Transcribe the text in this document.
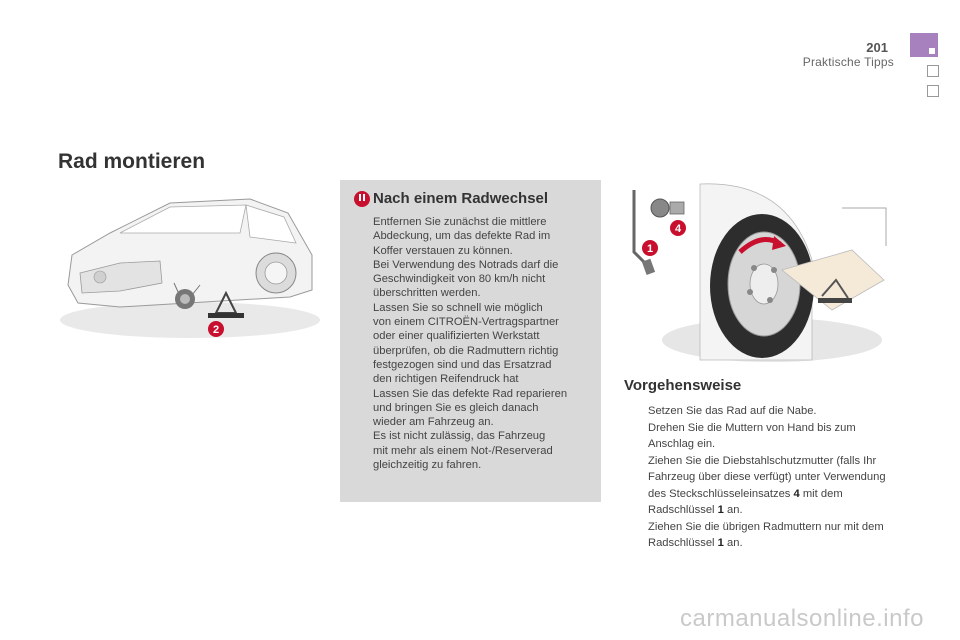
201
Praktische Tipps
Rad montieren
2
1
4
Nach einem Radwechsel

Entfernen Sie zunächst die mittlere
Abdeckung, um das defekte Rad im
Koffer verstauen zu können.
Bei Verwendung des Notrads darf die
Geschwindigkeit von 80 km/h nicht
überschritten werden.
Lassen Sie so schnell wie möglich
von einem CITROËN-Vertragspartner
oder einer qualifizierten Werkstatt
überprüfen, ob die Radmuttern richtig
festgezogen sind und das Ersatzrad
den richtigen Reifendruck hat
Lassen Sie das defekte Rad reparieren
und bringen Sie es gleich danach
wieder am Fahrzeug an.
Es ist nicht zulässig, das Fahrzeug
mit mehr als einem Not-/Reserverad
gleichzeitig zu fahren.

Vorgehensweise
Setzen Sie das Rad auf die Nabe.
Drehen Sie die Muttern von Hand bis zum Anschlag ein.
Ziehen Sie die Diebstahlschutzmutter (falls Ihr Fahrzeug über diese verfügt) unter Verwendung des Steckschlüsseleinsatzes 4 mit dem Radschlüssel 1 an.
Ziehen Sie die übrigen Radmuttern nur mit dem Radschlüssel 1 an.
carmanualsonline.info
